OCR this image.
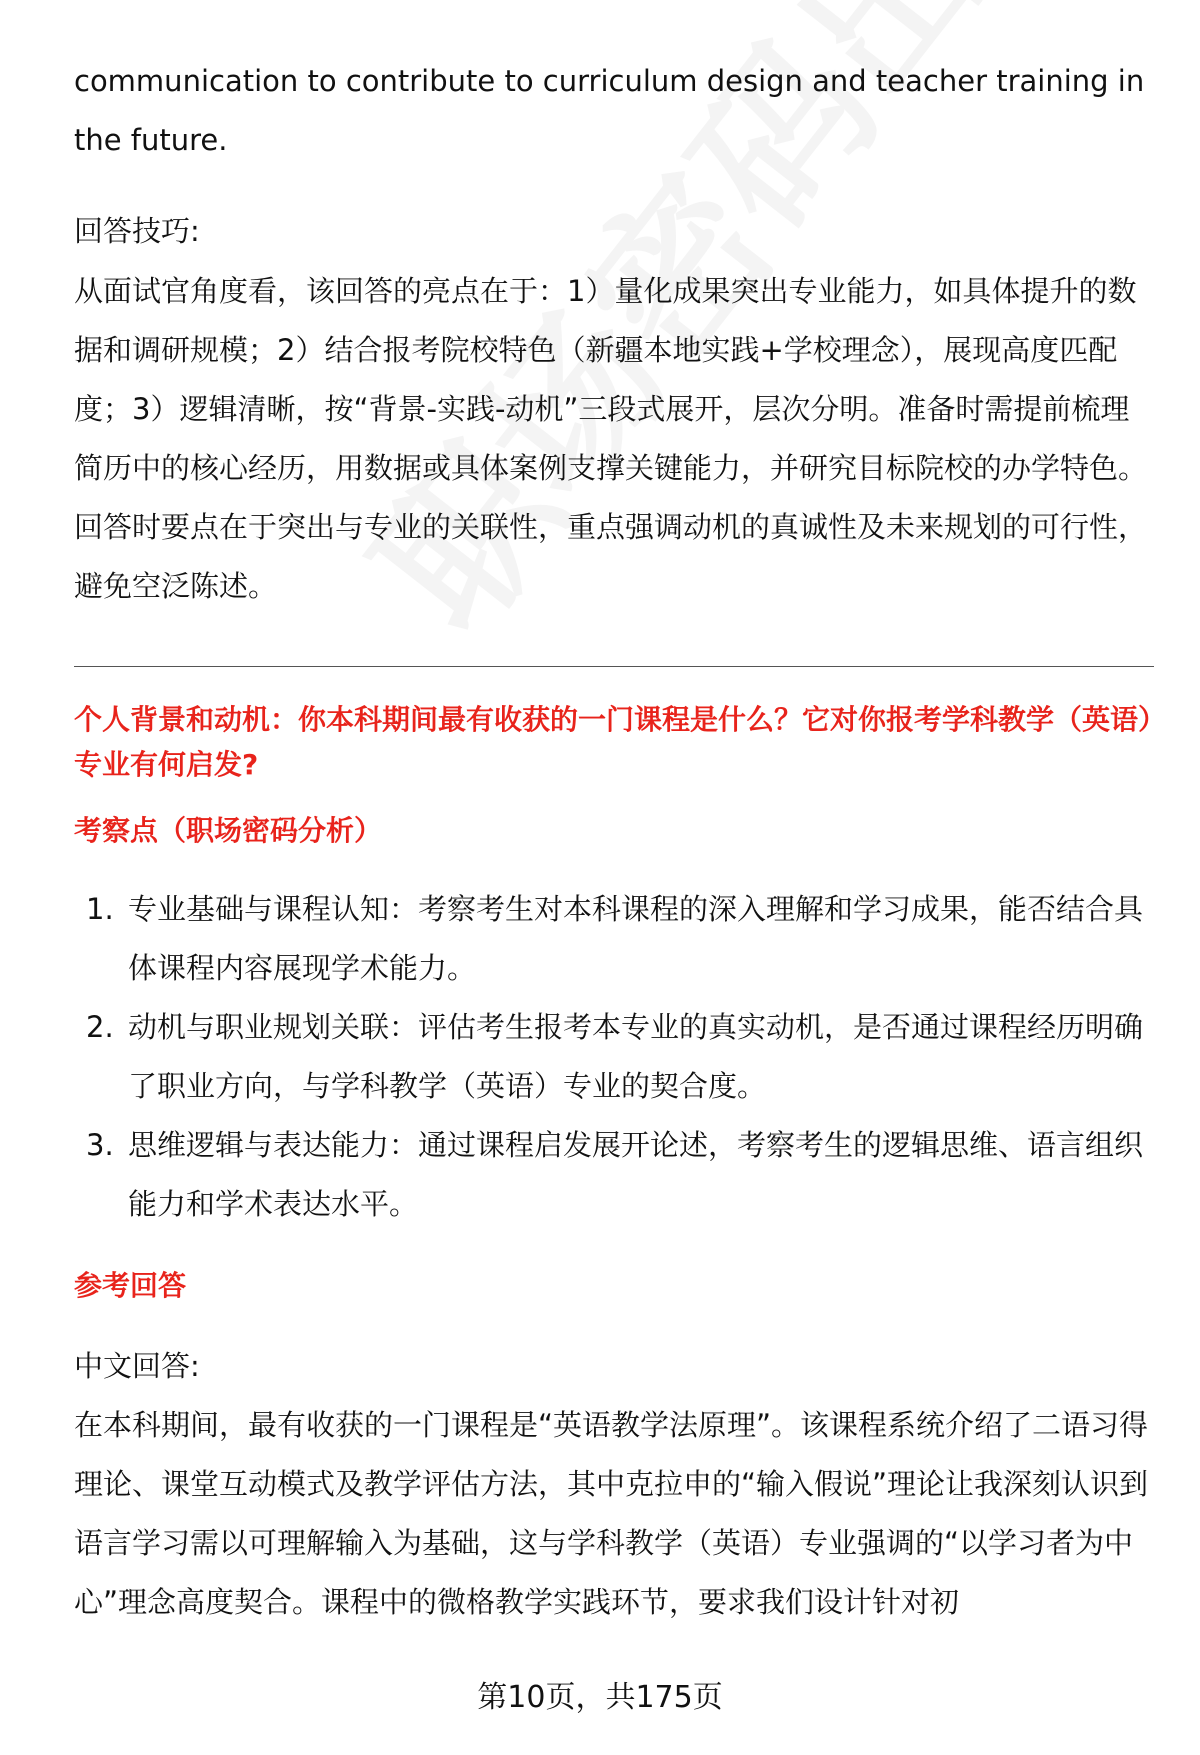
communication to contribute to curriculum design and teacher training in the future.

回答技巧:

从面试官角度看，该回答的亮点在于：1）量化成果突出专业能力，如具体提升的数据和调研规模；2）结合报考院校特色（新疆本地实践+学校理念），展现高度匹配度；3）逻辑清晰，按“背景-实践-动机”三段式展开，层次分明。准备时需提前梳理简历中的核心经历，用数据或具体案例支撑关键能力，并研究目标院校的办学特色。回答时要点在于突出与专业的关联性，重点强调动机的真诚性及未来规划的可行性，避免空泛陈述。

个人背景和动机：你本科期间最有收获的一门课程是什么？它对你报考学科教学（英语）专业有何启发?

考察点（职场密码分析）

1. 专业基础与课程认知：考察考生对本科课程的深入理解和学习成果，能否结合具体课程内容展现学术能力。
2. 动机与职业规划关联：评估考生报考本专业的真实动机，是否通过课程经历明确了职业方向，与学科教学（英语）专业的契合度。
3. 思维逻辑与表达能力：通过课程启发展开论述，考察考生的逻辑思维、语言组织能力和学术表达水平。

参考回答

中文回答:

在本科期间，最有收获的一门课程是“英语教学法原理”。该课程系统介绍了二语习得理论、课堂互动模式及教学评估方法，其中克拉申的“输入假说”理论让我深刻认识到语言学习需以可理解输入为基础，这与学科教学（英语）专业强调的“以学习者为中心”理念高度契合。课程中的微格教学实践环节，要求我们设计针对初

第10页，共175页
